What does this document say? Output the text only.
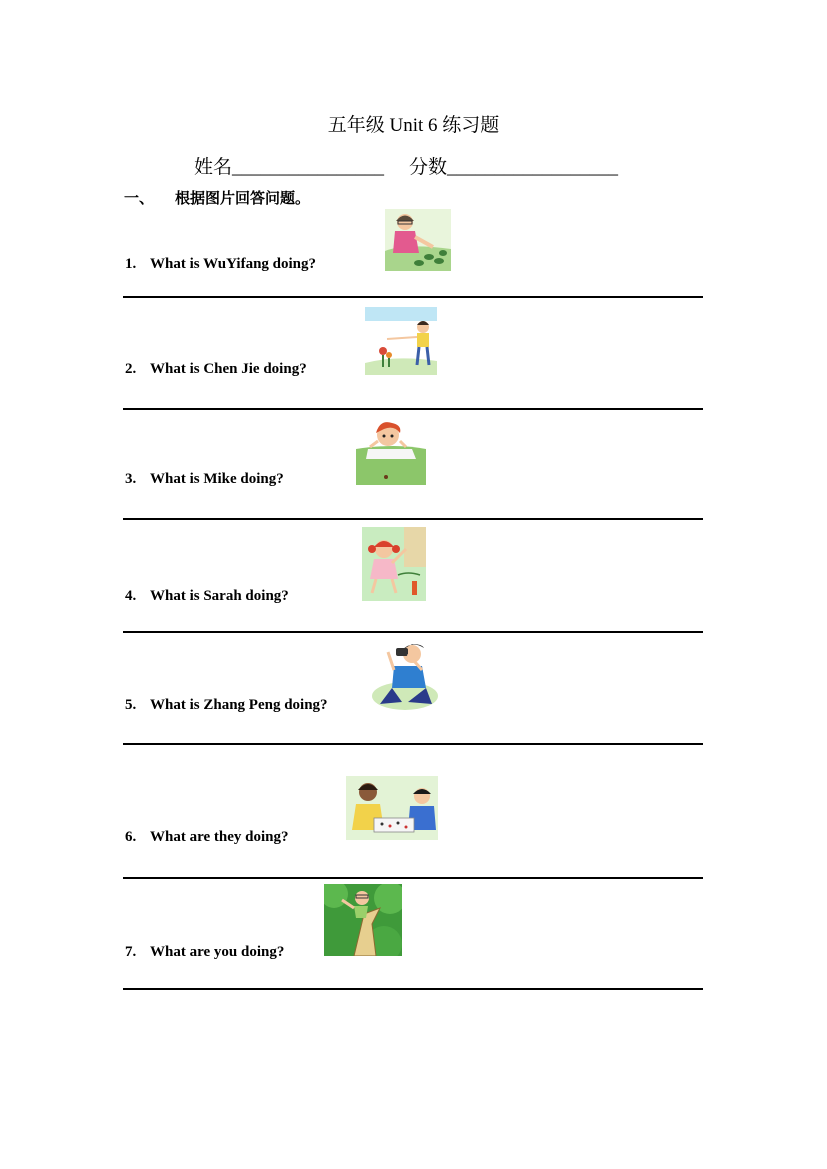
五年级 Unit 6 练习题
姓名________________ 分数__________________
一、 根据图片回答问题。
1. What is WuYifang doing?
2. What is Chen Jie doing?
3. What is Mike doing?
4. What is Sarah doing?
5. What is Zhang Peng doing?
6. What are they doing?
7. What are you doing?
